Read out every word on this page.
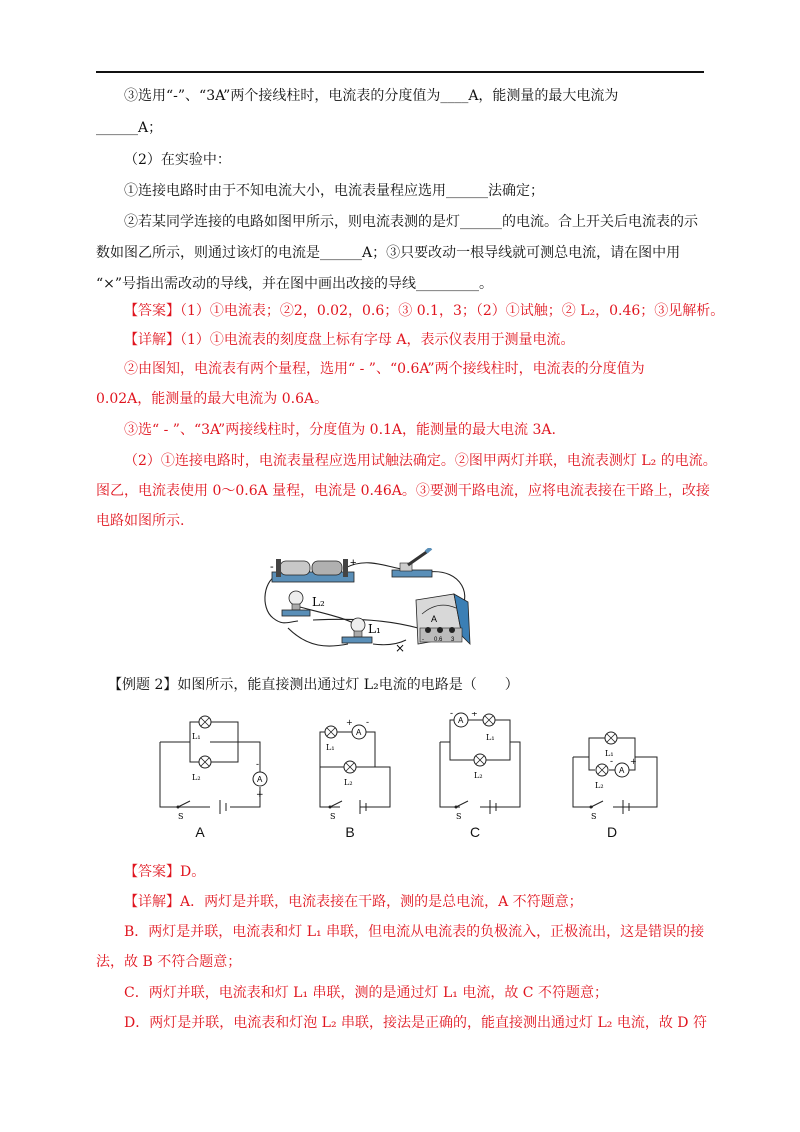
③选用“-”、“3A”两个接线柱时，电流表的分度值为____A，能测量的最大电流为

______A；

（2）在实验中：

①连接电路时由于不知电流大小，电流表量程应选用______法确定；

②若某同学连接的电路如图甲所示，则电流表测的是灯______的电流。合上开关后电流表的示

数如图乙所示，则通过该灯的电流是______A；③只要改动一根导线就可测总电流，请在图中用

“×”号指出需改动的导线，并在图中画出改接的导线_________。

【答案】（1）①电流表；②2，0.02，0.6；③ 0.1，3；（2）①试触；② L₂，0.46；③见解析。

【详解】（1）①电流表的刻度盘上标有字母 A，表示仪表用于测量电流。

②由图知，电流表有两个量程，选用“ - ”、“0.6A”两个接线柱时，电流表的分度值为

0.02A，能测量的最大电流为 0.6A。

③选“ - ”、“3A”两接线柱时，分度值为 0.1A，能测量的最大电流 3A.

（2）①连接电路时，电流表量程应选用试触法确定。②图甲两灯并联，电流表测灯 L₂ 的电流。

图乙，电流表使用 0～0.6A 量程，电流是 0.46A。③要测干路电流，应将电流表接在干路上，改接

电路如图所示.

-	+
L₂
L₁
A
- 0.6 3
×

【例题 2】如图所示，能直接测出通过灯 L₂电流的电路是（　　）

L₁
L₂	A
-
+
S
A
A
+ -
L₁
L₂
S
B
A
- +
L₁
L₂
S
C
L₁
L₂
A
- +
S
D

【答案】D。

【详解】A．两灯是并联，电流表接在干路，测的是总电流，A 不符题意；

B．两灯是并联，电流表和灯 L₁ 串联，但电流从电流表的负极流入，正极流出，这是错误的接

法，故 B 不符合题意；

C．两灯并联，电流表和灯 L₁ 串联，测的是通过灯 L₁ 电流，故 C 不符题意；

D．两灯是并联，电流表和灯泡 L₂ 串联，接法是正确的，能直接测出通过灯 L₂ 电流，故 D 符
